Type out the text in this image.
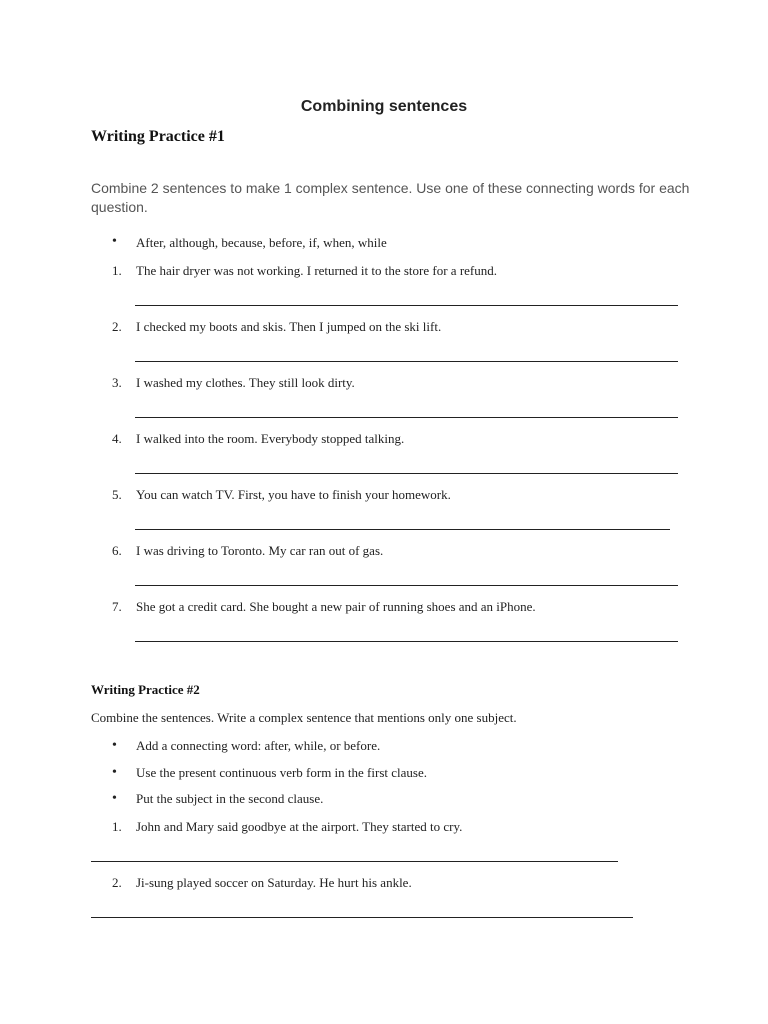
Combining sentences
Writing Practice #1
Combine 2 sentences to make 1 complex sentence. Use one of these connecting words for each question.
• After, although, because, before, if, when, while
1. The hair dryer was not working. I returned it to the store for a refund.
2. I checked my boots and skis. Then I jumped on the ski lift.
3. I washed my clothes. They still look dirty.
4. I walked into the room. Everybody stopped talking.
5. You can watch TV. First, you have to finish your homework.
6. I was driving to Toronto. My car ran out of gas.
7. She got a credit card. She bought a new pair of running shoes and an iPhone.
Writing Practice #2
Combine the sentences. Write a complex sentence that mentions only one subject.
• Add a connecting word: after, while, or before.
• Use the present continuous verb form in the first clause.
• Put the subject in the second clause.
1. John and Mary said goodbye at the airport. They started to cry.
2. Ji-sung played soccer on Saturday. He hurt his ankle.
